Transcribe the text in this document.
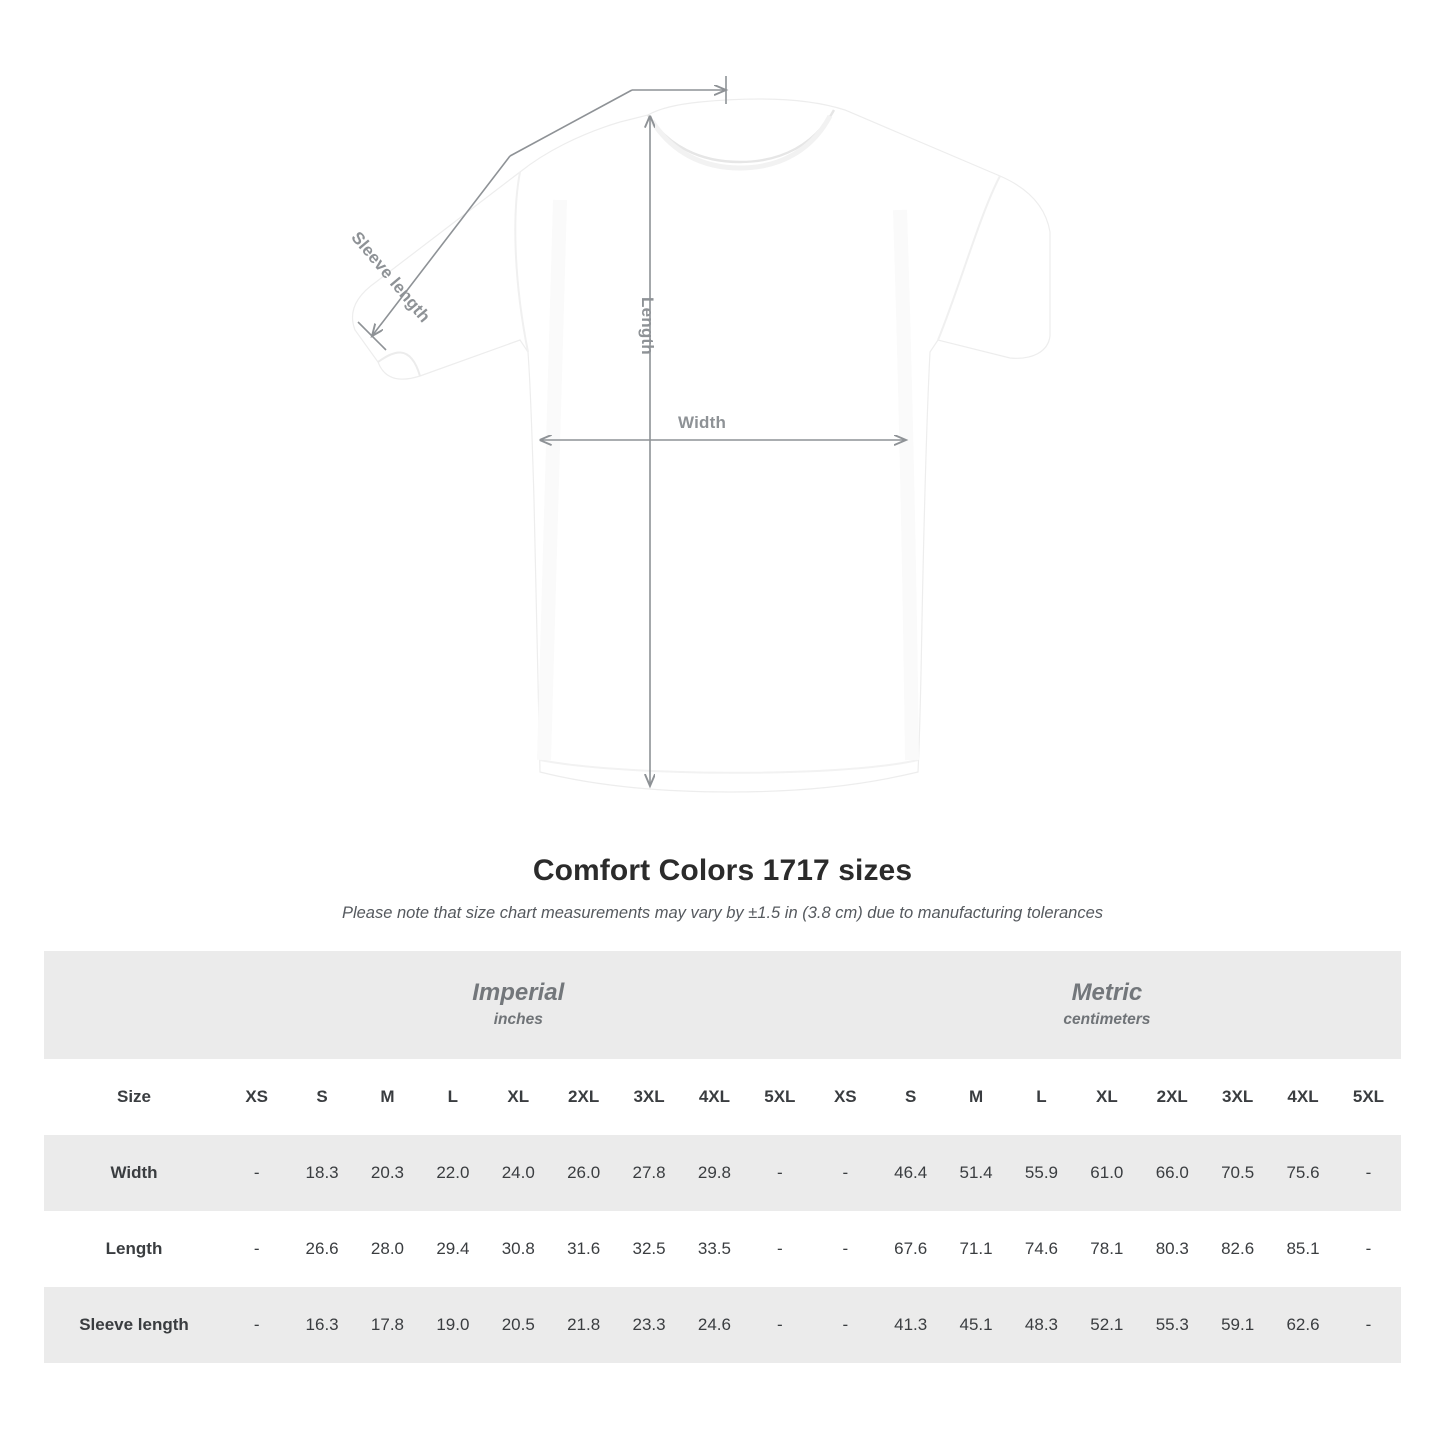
Sleeve length	Length
Width
Comfort Colors 1717 sizes
Please note that size chart measurements may vary by ±1.5 in (3.8 cm) due to manufacturing tolerances

Imperial
inches

Metric
centimeters

Size	XS	S	M	L	XL	2XL	3XL	4XL	5XL	XS	S	M	L	XL	2XL	3XL	4XL	5XL
Width	-	18.3	20.3	22.0	24.0	26.0	27.8	29.8	-	-	46.4	51.4	55.9	61.0	66.0	70.5	75.6	-
Length	-	26.6	28.0	29.4	30.8	31.6	32.5	33.5	-	-	67.6	71.1	74.6	78.1	80.3	82.6	85.1	-
Sleeve length	-	16.3	17.8	19.0	20.5	21.8	23.3	24.6	-	-	41.3	45.1	48.3	52.1	55.3	59.1	62.6	-
